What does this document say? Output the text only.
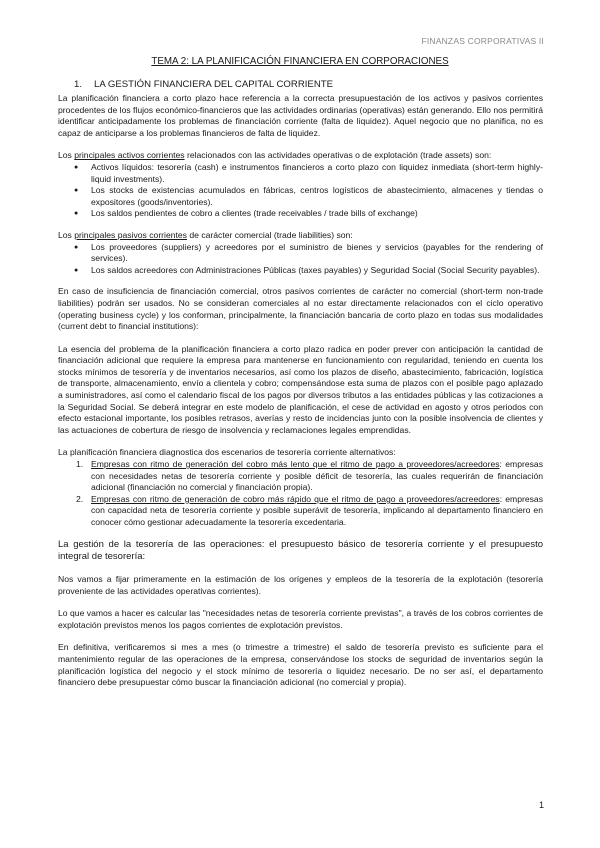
FINANZAS CORPORATIVAS II
TEMA 2: LA PLANIFICACIÓN FINANCIERA EN CORPORACIONES
1. LA GESTIÓN FINANCIERA DEL CAPITAL CORRIENTE

La planificación financiera a corto plazo hace referencia a la correcta presupuestación de los activos y pasivos corrientes procedentes de los flujos económico-financieros que las actividades ordinarias (operativas) están generando. Ello nos permitirá identificar anticipadamente los problemas de financiación corriente (falta de liquidez). Aquel negocio que no planifica, no es capaz de anticiparse a los problemas financieros de falta de liquidez.

Los principales activos corrientes relacionados con las actividades operativas o de explotación (trade assets) son:
● Activos líquidos: tesorería (cash) e instrumentos financieros a corto plazo con liquidez inmediata (short-term highly-liquid investments).
● Los stocks de existencias acumulados en fábricas, centros logísticos de abastecimiento, almacenes y tiendas o expositores (goods/inventories).
● Los saldos pendientes de cobro a clientes (trade receivables / trade bills of exchange)
Los principales pasivos corrientes de carácter comercial (trade liabilities) son:
● Los proveedores (suppliers) y acreedores por el suministro de bienes y servicios (payables for the rendering of services).
● Los saldos acreedores con Administraciones Públicas (taxes payables) y Seguridad Social (Social Security payables).

En caso de insuficiencia de financiación comercial, otros pasivos corrientes de carácter no comercial (short-term non-trade liabilities) podrán ser usados. No se consideran comerciales al no estar directamente relacionados con el ciclo operativo (operating business cycle) y los conforman, principalmente, la financiación bancaria de corto plazo en todas sus modalidades (current debt to financial institutions):

La esencia del problema de la planificación financiera a corto plazo radica en poder prever con anticipación la cantidad de financiación adicional que requiere la empresa para mantenerse en funcionamiento con regularidad, teniendo en cuenta los stocks mínimos de tesorería y de inventarios necesarios, así como los plazos de diseño, abastecimiento, fabricación, logística de transporte, almacenamiento, envío a clientela y cobro; compensándose esta suma de plazos con el posible pago aplazado a suministradores, así como el calendario fiscal de los pagos por diversos tributos a las entidades públicas y las cotizaciones a la Seguridad Social. Se deberá integrar en este modelo de planificación, el cese de actividad en agosto y otros periodos con efecto estacional importante, los posibles retrasos, averías y resto de incidencias junto con la posible insolvencia de clientes y las actuaciones de cobertura de riesgo de insolvencia y reclamaciones legales emprendidas.

La planificación financiera diagnostica dos escenarios de tesorería corriente alternativos:
1. Empresas con ritmo de generación del cobro más lento que el ritmo de pago a proveedores/acreedores: empresas con necesidades netas de tesorería corriente y posible déficit de tesorería, las cuales requerirán de financiación adicional (financiación no comercial y financiación propia).
2. Empresas con ritmo de generación de cobro más rápido que el ritmo de pago a proveedores/acreedores: empresas con capacidad neta de tesorería corriente y posible superávit de tesorería, implicando al departamento financiero en conocer cómo gestionar adecuadamente la tesorería excedentaria.

La gestión de la tesorería de las operaciones: el presupuesto básico de tesorería corriente y el presupuesto integral de tesorería:

Nos vamos a fijar primeramente en la estimación de los orígenes y empleos de la tesorería de la explotación (tesorería proveniente de las actividades operativas corrientes).

Lo que vamos a hacer es calcular las "necesidades netas de tesorería corriente previstas", a través de los cobros corrientes de explotación previstos menos los pagos corrientes de explotación previstos.

En definitiva, verificaremos si mes a mes (o trimestre a trimestre) el saldo de tesorería previsto es suficiente para el mantenimiento regular de las operaciones de la empresa, conservándose los stocks de seguridad de inventarios según la planificación logística del negocio y el stock mínimo de tesorería o liquidez necesario. De no ser así, el departamento financiero debe presupuestar cómo buscar la financiación adicional (no comercial y propia).

1
